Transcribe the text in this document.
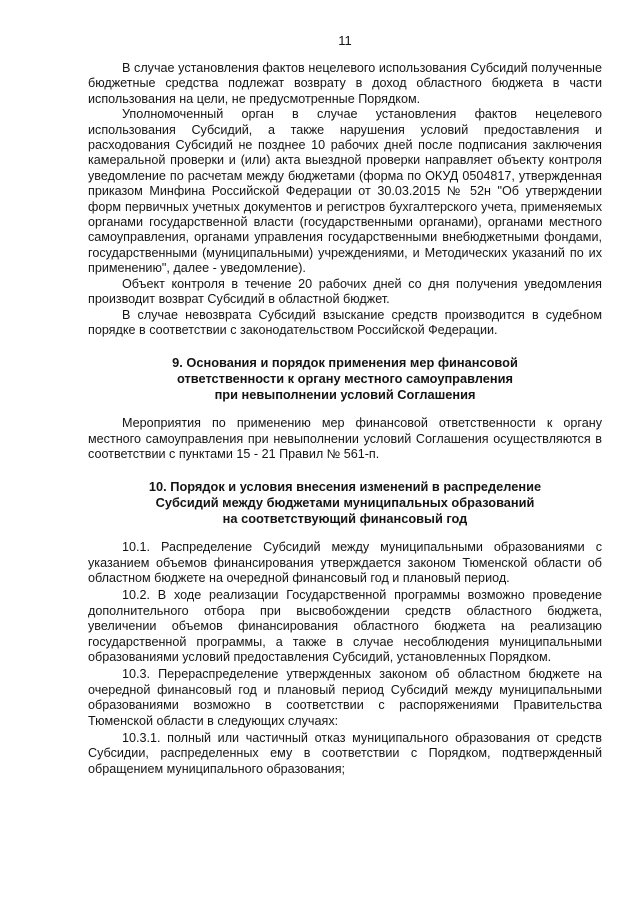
11

В случае установления фактов нецелевого использования Субсидий полученные бюджетные средства подлежат возврату в доход областного бюджета в части использования на цели, не предусмотренные Порядком.

Уполномоченный орган в случае установления фактов нецелевого использования Субсидий, а также нарушения условий предоставления и расходования Субсидий не позднее 10 рабочих дней после подписания заключения камеральной проверки и (или) акта выездной проверки направляет объекту контроля уведомление по расчетам между бюджетами (форма по ОКУД 0504817, утвержденная приказом Минфина Российской Федерации от 30.03.2015 № 52н "Об утверждении форм первичных учетных документов и регистров бухгалтерского учета, применяемых органами государственной власти (государственными органами), органами местного самоуправления, органами управления государственными внебюджетными фондами, государственными (муниципальными) учреждениями, и Методических указаний по их применению", далее - уведомление).

Объект контроля в течение 20 рабочих дней со дня получения уведомления производит возврат Субсидий в областной бюджет.

В случае невозврата Субсидий взыскание средств производится в судебном порядке в соответствии с законодательством Российской Федерации.

9. Основания и порядок применения мер финансовой

ответственности к органу местного самоуправления

при невыполнении условий Соглашения

Мероприятия по применению мер финансовой ответственности к органу местного самоуправления при невыполнении условий Соглашения осуществляются в соответствии с пунктами 15 - 21 Правил № 561-п.

10. Порядок и условия внесения изменений в распределение

Субсидий между бюджетами муниципальных образований

на соответствующий финансовый год

10.1. Распределение Субсидий между муниципальными образованиями с указанием объемов финансирования утверждается законом Тюменской области об областном бюджете на очередной финансовый год и плановый период.

10.2. В ходе реализации Государственной программы возможно проведение дополнительного отбора при высвобождении средств областного бюджета, увеличении объемов финансирования областного бюджета на реализацию государственной программы, а также в случае несоблюдения муниципальными образованиями условий предоставления Субсидий, установленных Порядком.

10.3. Перераспределение утвержденных законом об областном бюджете на очередной финансовый год и плановый период Субсидий между муниципальными образованиями возможно в соответствии с распоряжениями Правительства Тюменской области в следующих случаях:

10.3.1. полный или частичный отказ муниципального образования от средств Субсидии, распределенных ему в соответствии с Порядком, подтвержденный обращением муниципального образования;
